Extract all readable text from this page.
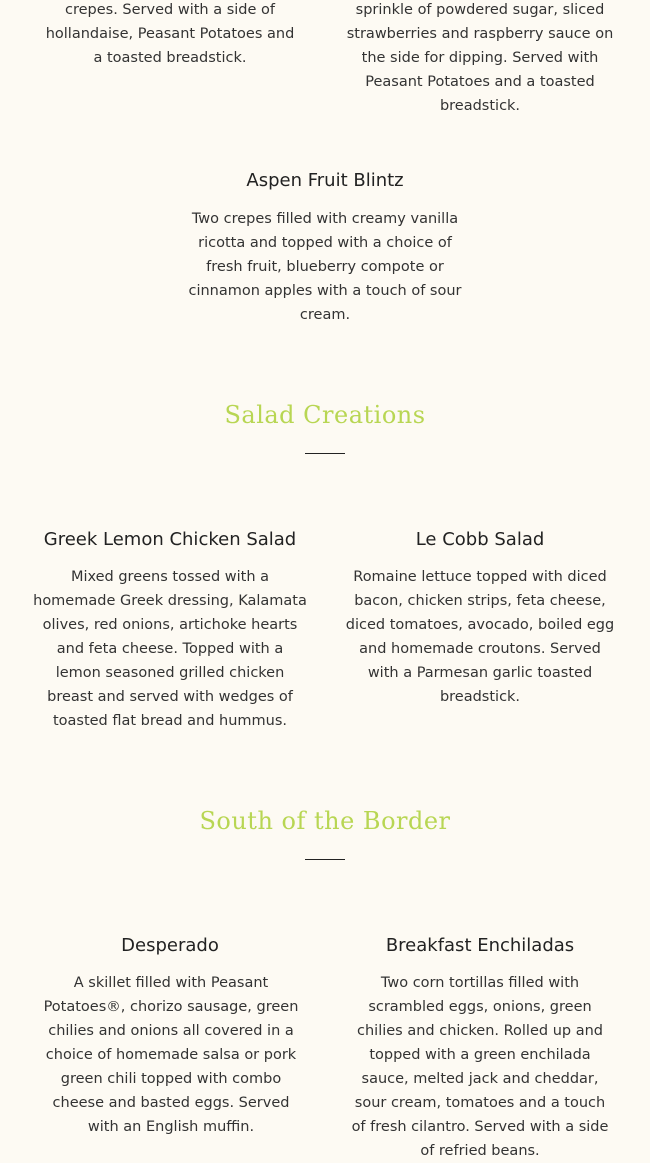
crepes. Served with a side of hollandaise, Peasant Potatoes and a toasted breadstick.

sprinkle of powdered sugar, sliced strawberries and raspberry sauce on the side for dipping. Served with Peasant Potatoes and a toasted breadstick.

Aspen Fruit Blintz

Two crepes filled with creamy vanilla ricotta and topped with a choice of fresh fruit, blueberry compote or cinnamon apples with a touch of sour cream.

Salad Creations
Greek Lemon Chicken Salad

Mixed greens tossed with a homemade Greek dressing, Kalamata olives, red onions, artichoke hearts and feta cheese. Topped with a lemon seasoned grilled chicken breast and served with wedges of toasted flat bread and hummus.

Le Cobb Salad

Romaine lettuce topped with diced bacon, chicken strips, feta cheese, diced tomatoes, avocado, boiled egg and homemade croutons. Served with a Parmesan garlic toasted breadstick.

South of the Border
Desperado

A skillet filled with Peasant Potatoes®, chorizo sausage, green chilies and onions all covered in a choice of homemade salsa or pork green chili topped with combo cheese and basted eggs. Served with an English muffin.

Breakfast Enchiladas

Two corn tortillas filled with scrambled eggs, onions, green chilies and chicken. Rolled up and topped with a green enchilada sauce, melted jack and cheddar, sour cream, tomatoes and a touch of fresh cilantro. Served with a side of refried beans.
